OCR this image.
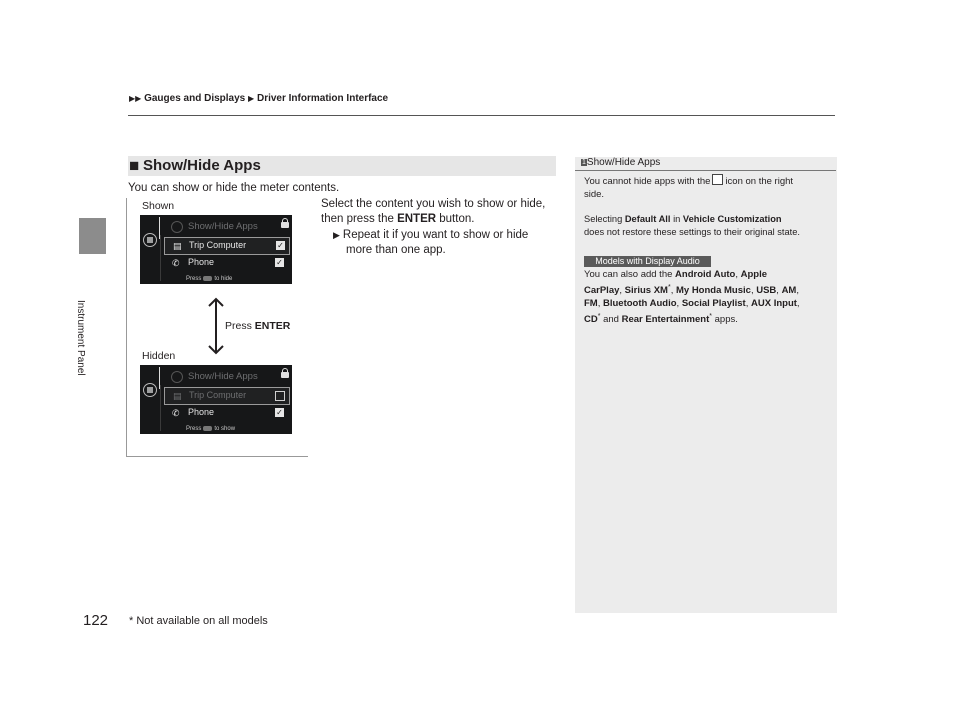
Instrument Panel
▶▶ Gauges and Displays ▶ Driver Information Interface
■ Show/Hide Apps
You can show or hide the meter contents.
Select the content you wish to show or hide,
then press the ENTER button.
▶ Repeat it if you want to show or hide
more than one app.
Shown
Show/Hide Apps
▤ Trip Computer	✓
✆ Phone	✓
Press to hide
Press ENTER
Hidden
Show/Hide Apps
▤ Trip Computer
✆ Phone	✓
Press to show
1Show/Hide Apps
You cannot hide apps with the icon on the right
side.
Selecting Default All in Vehicle Customization
does not restore these settings to their original state.
Models with Display Audio
You can also add the Android Auto, Apple
CarPlay, Sirius XM*, My Honda Music, USB, AM,
FM, Bluetooth Audio, Social Playlist, AUX Input,
CD* and Rear Entertainment* apps.
122 * Not available on all models
